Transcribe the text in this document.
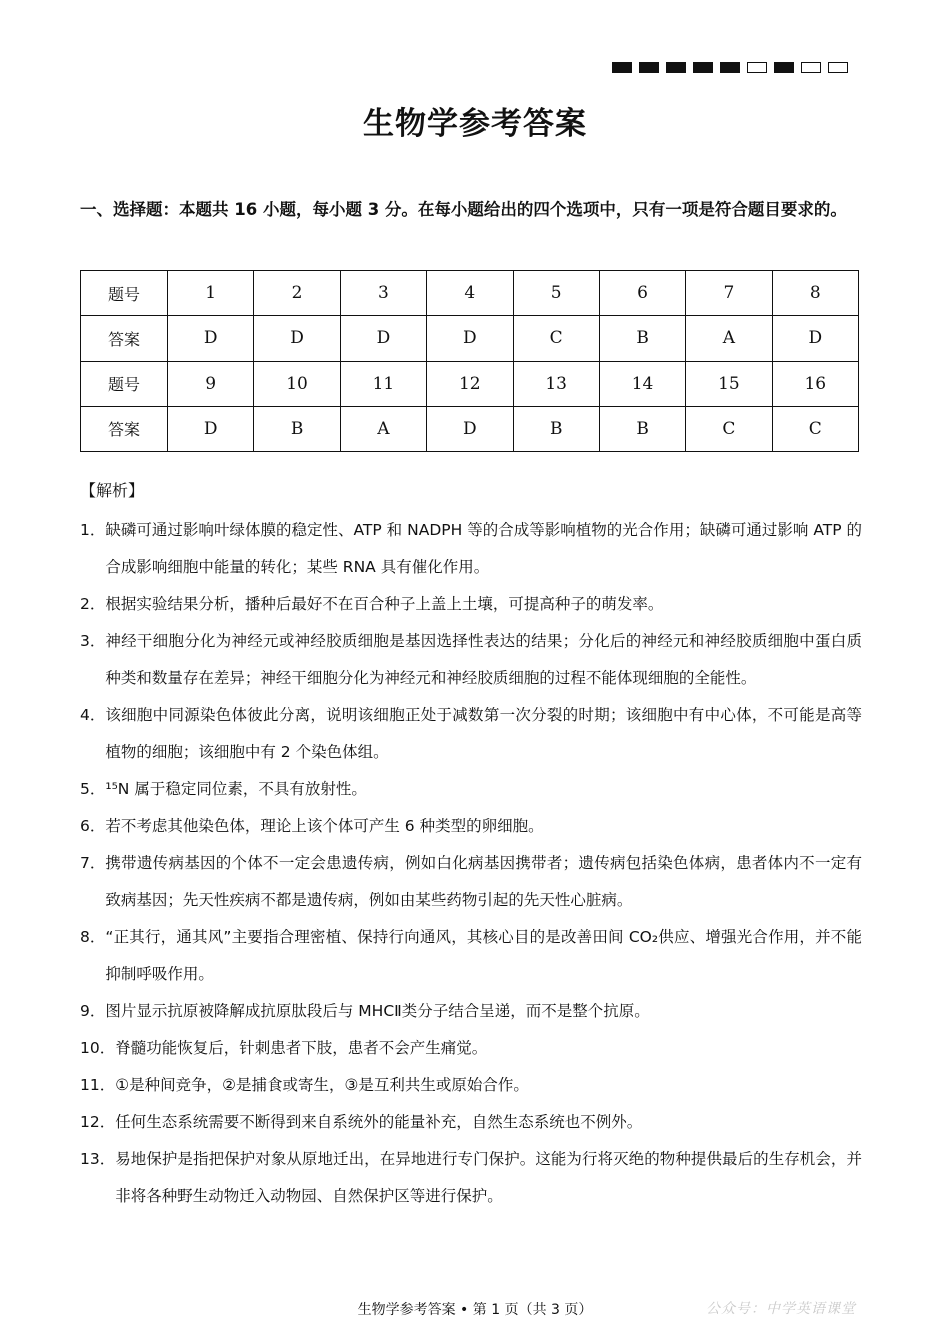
生物学参考答案
一、选择题：本题共 16 小题，每小题 3 分。在每小题给出的四个选项中，只有一项是符合题目要求的。
题号	1	2	3	4	5	6	7	8
答案	D	D	D	D	C	B	A	D
题号	9	10	11	12	13	14	15	16
答案	D	B	A	D	B	B	C	C
【解析】
1． 缺磷可通过影响叶绿体膜的稳定性、ATP 和 NADPH 等的合成等影响植物的光合作用；缺磷可通过影响 ATP 的合成影响细胞中能量的转化；某些 RNA 具有催化作用。
2． 根据实验结果分析，播种后最好不在百合种子上盖上土壤，可提高种子的萌发率。
3． 神经干细胞分化为神经元或神经胶质细胞是基因选择性表达的结果；分化后的神经元和神经胶质细胞中蛋白质种类和数量存在差异；神经干细胞分化为神经元和神经胶质细胞的过程不能体现细胞的全能性。
4． 该细胞中同源染色体彼此分离，说明该细胞正处于减数第一次分裂的时期；该细胞中有中心体，不可能是高等植物的细胞；该细胞中有 2 个染色体组。
5． ¹⁵N 属于稳定同位素，不具有放射性。
6． 若不考虑其他染色体，理论上该个体可产生 6 种类型的卵细胞。
7． 携带遗传病基因的个体不一定会患遗传病，例如白化病基因携带者；遗传病包括染色体病，患者体内不一定有致病基因；先天性疾病不都是遗传病，例如由某些药物引起的先天性心脏病。
8． “正其行，通其风”主要指合理密植、保持行向通风，其核心目的是改善田间 CO₂供应、增强光合作用，并不能抑制呼吸作用。
9． 图片显示抗原被降解成抗原肽段后与 MHCⅡ类分子结合呈递，而不是整个抗原。
10． 脊髓功能恢复后，针刺患者下肢，患者不会产生痛觉。
11． ①是种间竞争，②是捕食或寄生，③是互利共生或原始合作。
12． 任何生态系统需要不断得到来自系统外的能量补充，自然生态系统也不例外。
13． 易地保护是指把保护对象从原地迁出，在异地进行专门保护。这能为行将灭绝的物种提供最后的生存机会，并非将各种野生动物迁入动物园、自然保护区等进行保护。
生物学参考答案 • 第 1 页（共 3 页）	公众号：中学英语课堂
